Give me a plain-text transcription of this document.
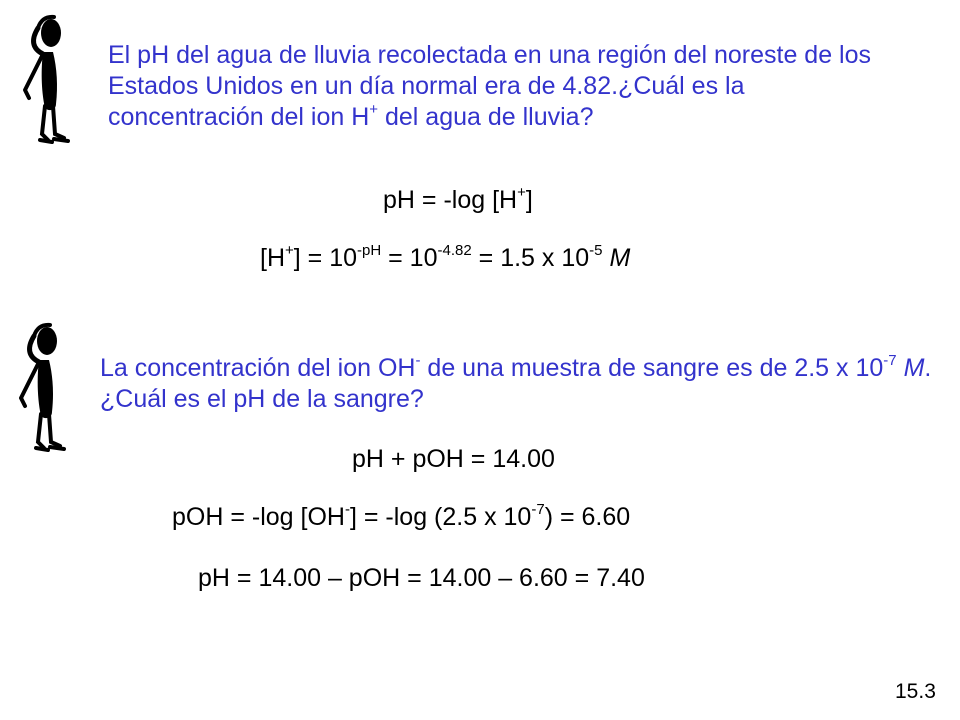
El pH del agua de lluvia recolectada en una región del noreste de los Estados Unidos en un día normal era de 4.82.¿Cuál es la concentración del ion H+ del agua de lluvia?

pH = -log [H+]

$[H^+] = 10^{-pH} = 10^{-4.82} = 1.5$ x $10^{-5}$ M

La concentración del ion OH- de una muestra de sangre es de 2.5 x $10^{-7}$ M. ¿Cuál es el pH de la sangre?

pH + pOH = 14.00

pOH = -log [OH-] = -log (2.5 x $10^{-7}) = 6.60$

pH = 14.00 – pOH = 14.00 – 6.60 = 7.40

15.3
